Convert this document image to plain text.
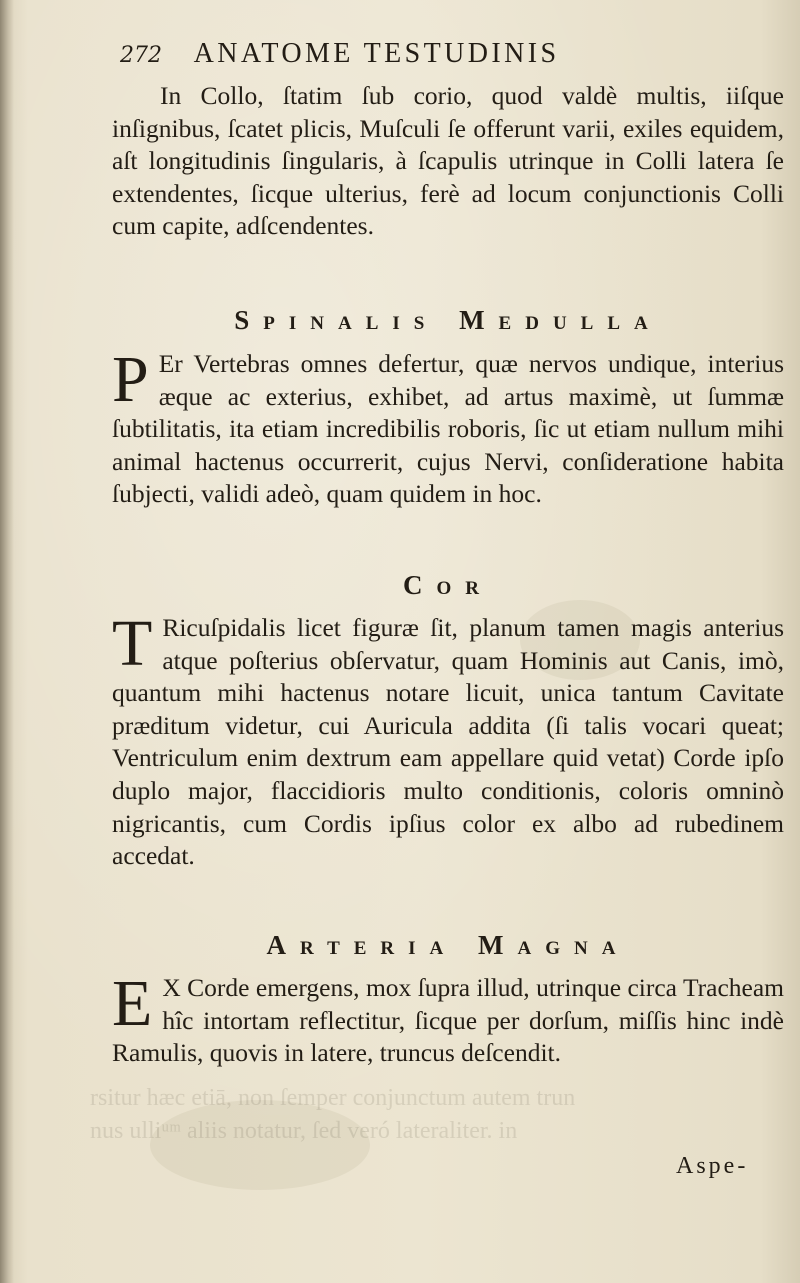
rsitur hæc etiā, non ſemper conjunctum autem trun
nus ulliᵘᵐ aliis notatur, ſed veró lateraliter. in
272 ANATOME TESTUDINIS

In Collo, ſtatim ſub corio, quod valdè multis, iiſque inſignibus, ſcatet plicis, Muſculi ſe offerunt varii, exiles equidem, aſt longitudinis ſingularis, à ſcapulis utrinque in Colli latera ſe extendentes, ſicque ulterius, ferè ad locum conjunctionis Colli cum capite, adſcendentes.

Spinalis Medulla

P Er Vertebras omnes defertur, quæ nervos undique, interius æque ac exterius, exhibet, ad artus maximè, ut ſummæ ſubtilitatis, ita etiam incredibilis roboris, ſic ut etiam nullum mihi animal hactenus occurrerit, cujus Nervi, conſideratione habita ſubjecti, validi adeò, quam quidem in hoc.

Cor

T Ricuſpidalis licet figuræ ſit, planum tamen magis anterius atque poſterius obſervatur, quam Hominis aut Canis, imò, quantum mihi hactenus notare licuit, unica tantum Cavitate præditum videtur, cui Auricula addita (ſi talis vocari queat; Ventriculum enim dextrum eam appellare quid vetat) Corde ipſo duplo major, flaccidioris multo conditionis, coloris omninò nigricantis, cum Cordis ipſius color ex albo ad rubedinem accedat.

Arteria Magna

E X Corde emergens, mox ſupra illud, utrinque circa Tracheam hîc intortam reflectitur, ſicque per dorſum, miſſis hinc indè Ramulis, quovis in latere, truncus deſcendit.

Aspe-
